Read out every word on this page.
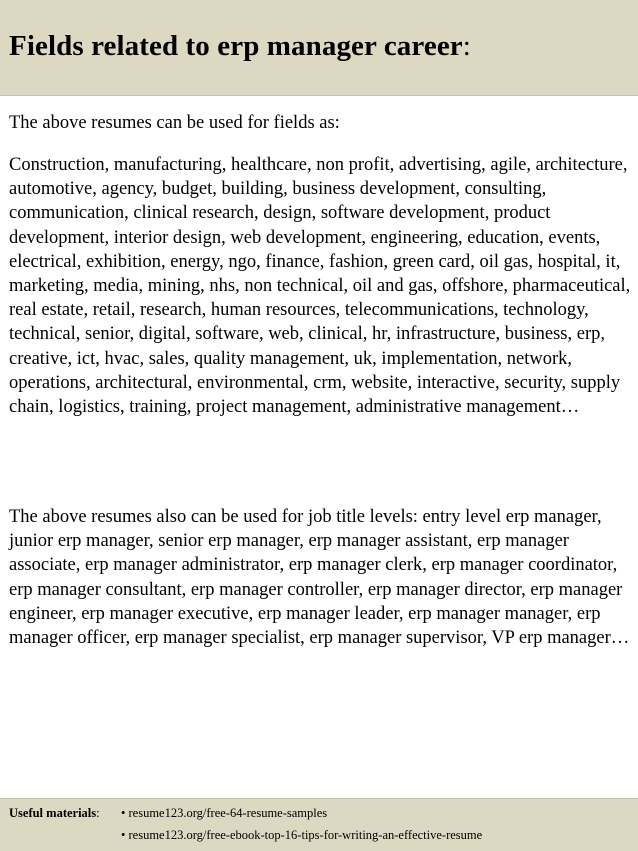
Fields related to erp manager career:

The above resumes can be used for fields as:

Construction, manufacturing, healthcare, non profit, advertising, agile, architecture, automotive, agency, budget, building, business development, consulting, communication, clinical research, design, software development, product development, interior design, web development, engineering, education, events, electrical, exhibition, energy, ngo, finance, fashion, green card, oil gas, hospital, it, marketing, media, mining, nhs, non technical, oil and gas, offshore, pharmaceutical, real estate, retail, research, human resources, telecommunications, technology, technical, senior, digital, software, web, clinical, hr, infrastructure, business, erp, creative, ict, hvac, sales, quality management, uk, implementation, network, operations, architectural, environmental, crm, website, interactive, security, supply chain, logistics, training, project management, administrative management…

The above resumes also can be used for job title levels: entry level erp manager, junior erp manager, senior erp manager, erp manager assistant, erp manager associate, erp manager administrator, erp manager clerk, erp manager coordinator, erp manager consultant, erp manager controller, erp manager director, erp manager engineer, erp manager executive, erp manager leader, erp manager manager, erp manager officer, erp manager specialist, erp manager supervisor, VP erp manager…

Useful materials: • resume123.org/free-64-resume-samples
• resume123.org/free-ebook-top-16-tips-for-writing-an-effective-resume
